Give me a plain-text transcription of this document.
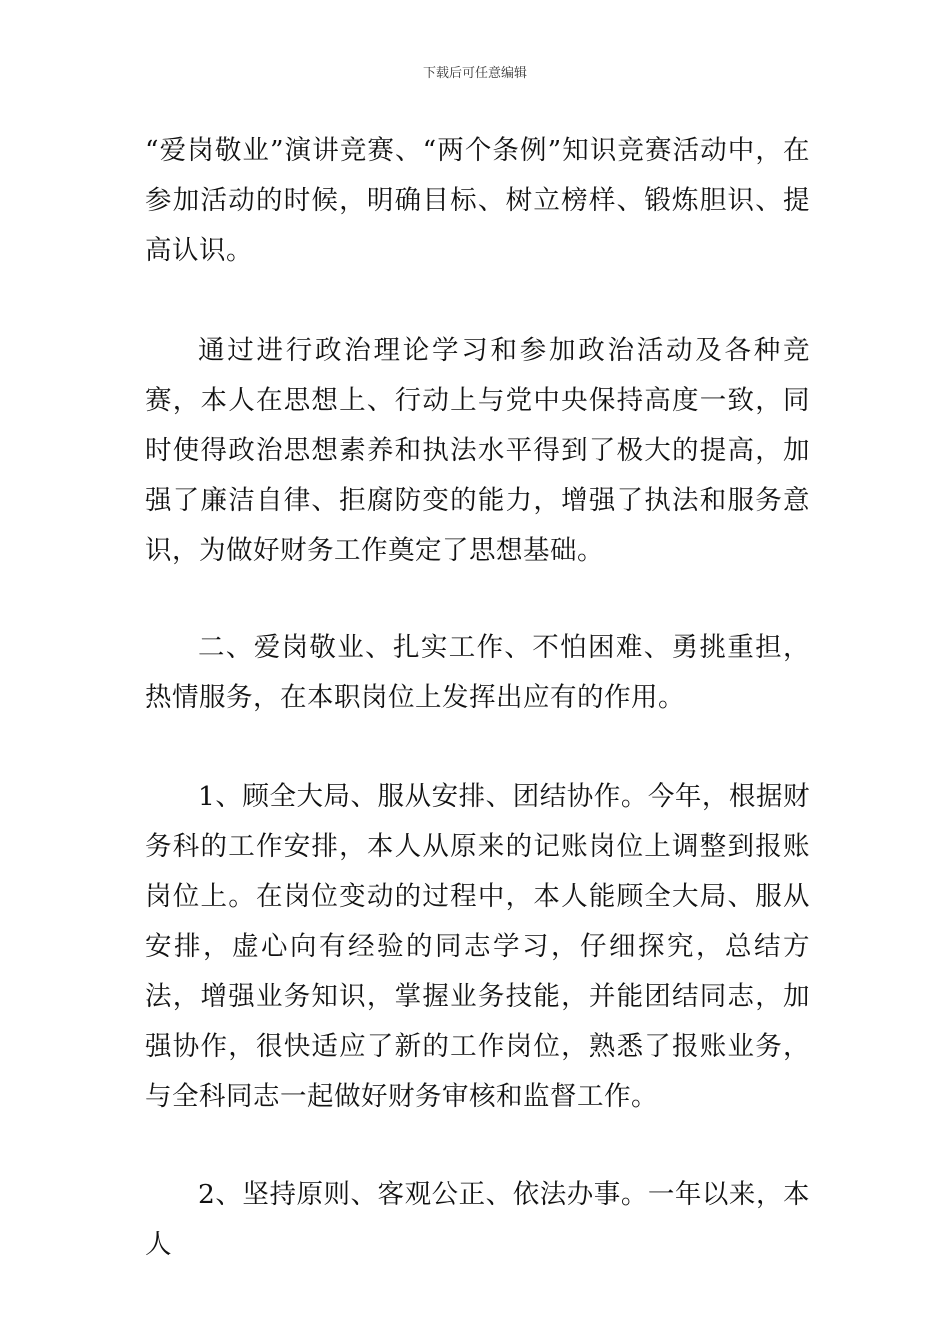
下载后可任意编辑

“爱岗敬业”演讲竞赛、“两个条例”知识竞赛活动中，在参加活动的时候，明确目标、树立榜样、锻炼胆识、提高认识。

通过进行政治理论学习和参加政治活动及各种竞赛，本人在思想上、行动上与党中央保持高度一致，同时使得政治思想素养和执法水平得到了极大的提高，加强了廉洁自律、拒腐防变的能力，增强了执法和服务意识，为做好财务工作奠定了思想基础。

二、爱岗敬业、扎实工作、不怕困难、勇挑重担，热情服务，在本职岗位上发挥出应有的作用。

1、顾全大局、服从安排、团结协作。今年，根据财务科的工作安排，本人从原来的记账岗位上调整到报账岗位上。在岗位变动的过程中，本人能顾全大局、服从安排，虚心向有经验的同志学习，仔细探究，总结方法，增强业务知识，掌握业务技能，并能团结同志，加强协作，很快适应了新的工作岗位，熟悉了报账业务，与全科同志一起做好财务审核和监督工作。

2、坚持原则、客观公正、依法办事。一年以来，本人
